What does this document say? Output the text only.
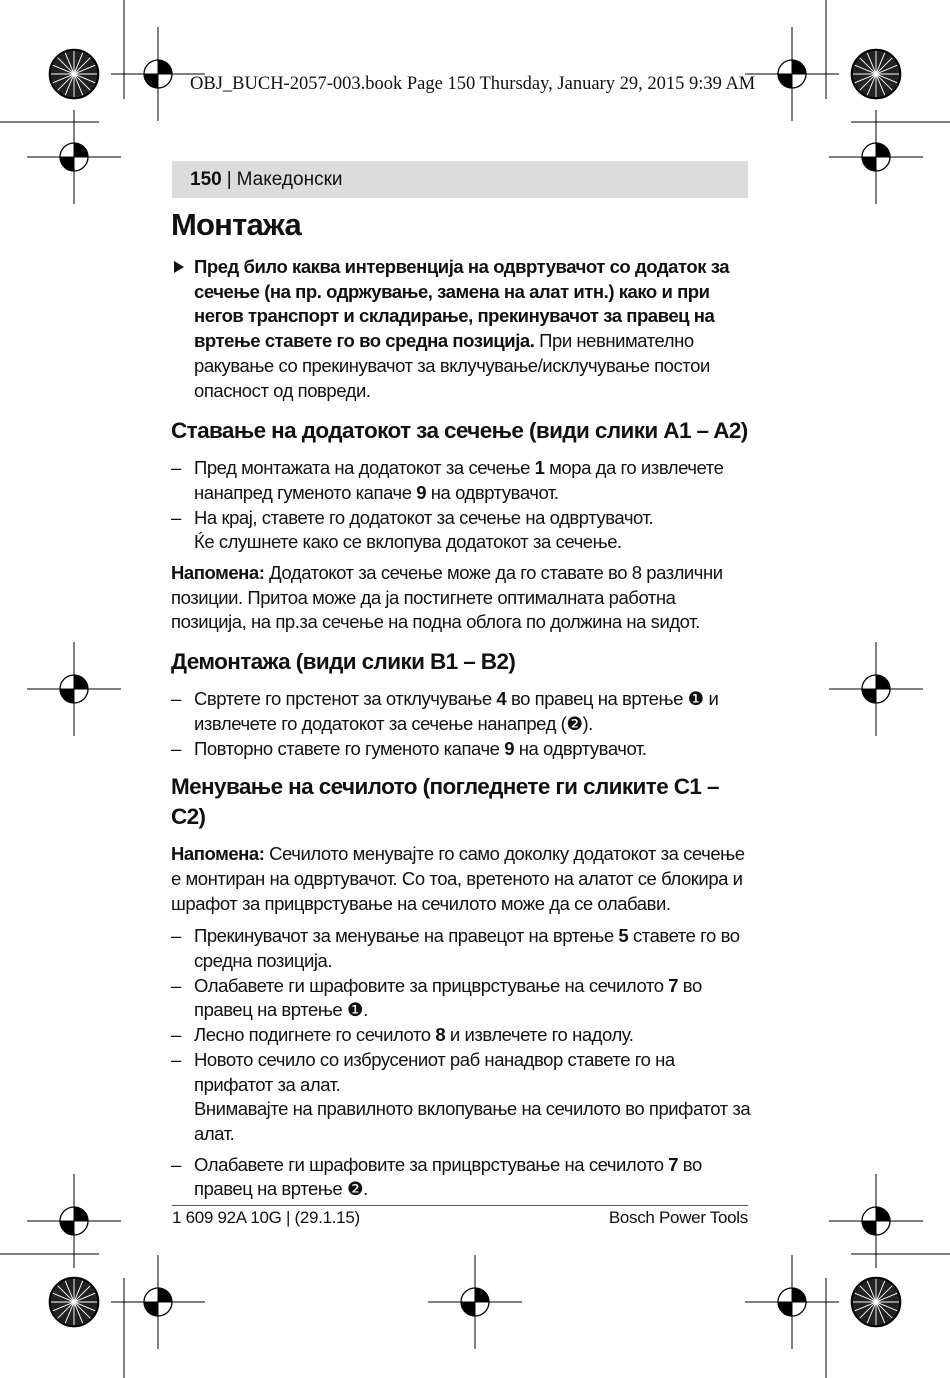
OBJ_BUCH-2057-003.book Page 150 Thursday, January 29, 2015 9:39 AM
150 | Македонски
Монтажа
Пред било каква интервенција на одвртувачот со додаток за сечење (на пр. одржување, замена на алат итн.) како и при негов транспорт и складирање, прекинувачот за правец на вртење ставете го во средна позиција. При невнимателно ракување со прекинувачот за вклучување/исклучување постои опасност од повреди.
Ставање на додатокот за сечење (види слики A1 – A2)
– Пред монтажата на додатокот за сечење 1 мора да го извлечете нанапред гуменото капаче 9 на одвртувачот.
– На крај, ставете го додатокот за сечење на одвртувачот.
Ќе слушнете како се вклопува додатокот за сечење.

Напомена: Додатокот за сечење може да го ставате во 8 различни позиции. Притоа може да ја постигнете оптималната работна позиција, на пр.за сечење на подна облога по должина на ѕидот.

Демонтажа (види слики B1 – B2)
– Свртете го прстенот за отклучување 4 во правец на вртење ❶ и извлечете го додатокот за сечење нанапред (❷).
– Повторно ставете го гуменото капаче 9 на одвртувачот.
Менување на сечилото (погледнете ги сликите C1 – C2)

Напомена: Сечилото менувајте го само доколку додатокот за сечење е монтиран на одвртувачот. Со тоа, вретеното на алатот се блокира и шрафот за прицврстување на сечилото може да се олабави.

– Прекинувачот за менување на правецот на вртење 5 ставете го во средна позиција.
– Олабавете ги шрафовите за прицврстување на сечилото 7 во правец на вртење ❶.
– Лесно подигнете го сечилото 8 и извлечете го надолу.
– Новото сечило со избрусениот раб нанадвор ставете го на прифатот за алат.
Внимавајте на правилното вклопување на сечилото во прифатот за алат.
– Олабавете ги шрафовите за прицврстување на сечилото 7 во правец на вртење ❷.
1 609 92A 10G | (29.1.15)	Bosch Power Tools
